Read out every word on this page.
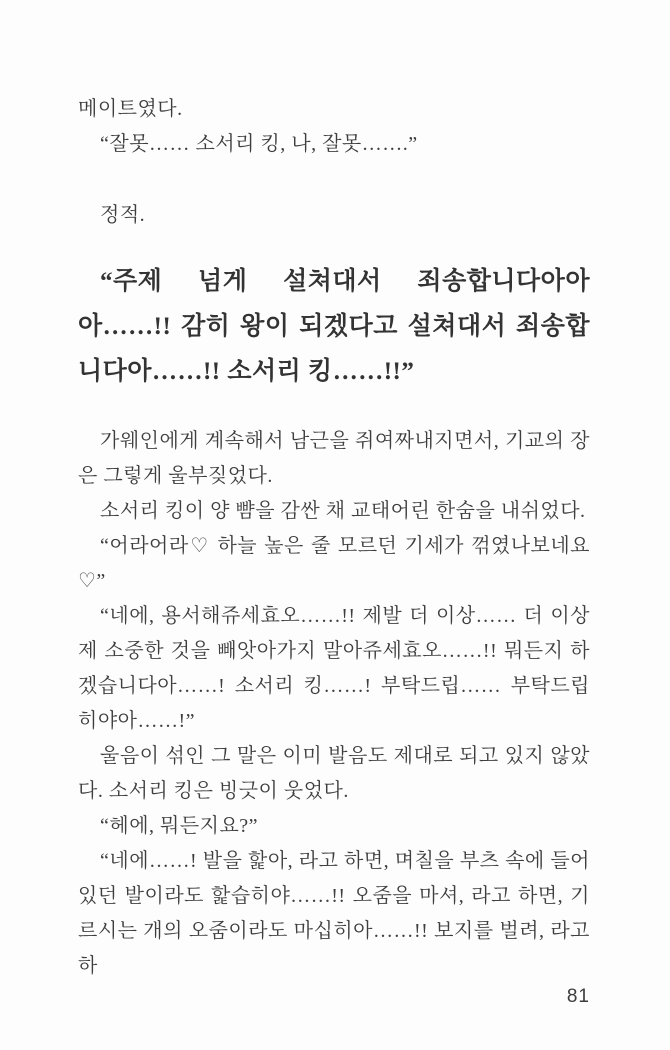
메이트였다.

“잘못…… 소서리 킹, 나, 잘못…….”

정적.

“주제 넘게 설쳐대서 죄송합니다아아아……!! 감히 왕이 되겠다고 설쳐대서 죄송합니다아……!! 소서리 킹……!!”

가웨인에게 계속해서 남근을 쥐여짜내지면서, 기교의 장은 그렇게 울부짖었다.

소서리 킹이 양 뺨을 감싼 채 교태어린 한숨을 내쉬었다.

“어라어라♡ 하늘 높은 줄 모르던 기세가 꺾였나보네요♡”

“네에, 용서해쥬세효오……!! 제발 더 이상…… 더 이상 제 소중한 것을 빼앗아가지 말아쥬세효오……!! 뭐든지 하겠습니다아……! 소서리 킹……! 부탁드립…… 부탁드립히야아……!”

울음이 섞인 그 말은 이미 발음도 제대로 되고 있지 않았다. 소서리 킹은 빙긋이 웃었다.

“헤에, 뭐든지요?”

“네에……! 발을 핥아, 라고 하면, 며칠을 부츠 속에 들어 있던 발이라도 핥습히야……!! 오줌을 마셔, 라고 하면, 기르시는 개의 오줌이라도 마십히아……!! 보지를 벌려, 라고 하

81
